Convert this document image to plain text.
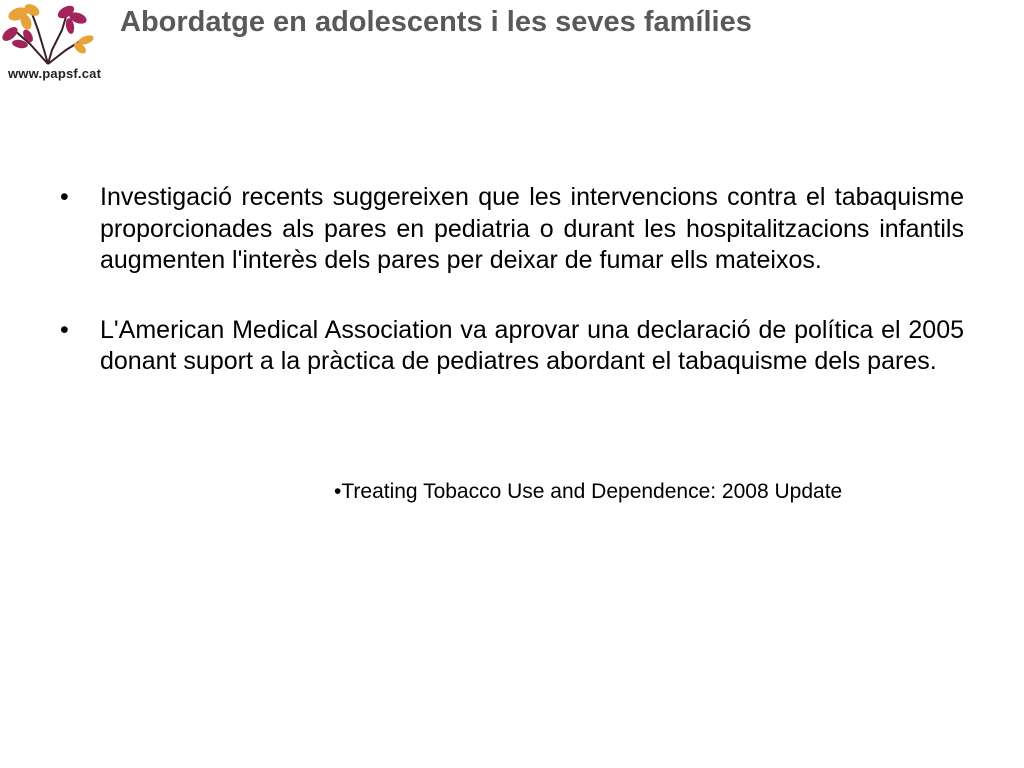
www.papsf.cat
Abordatge en adolescents i les seves famílies
• Investigació recents suggereixen que les intervencions contra el tabaquisme proporcionades als pares en pediatria o durant les hospitalitzacions infantils augmenten l'interès dels pares per deixar de fumar ells mateixos.
• L'American Medical Association va aprovar una declaració de política el 2005 donant suport a la pràctica de pediatres abordant el tabaquisme dels pares.
•Treating Tobacco Use and Dependence: 2008 Update
